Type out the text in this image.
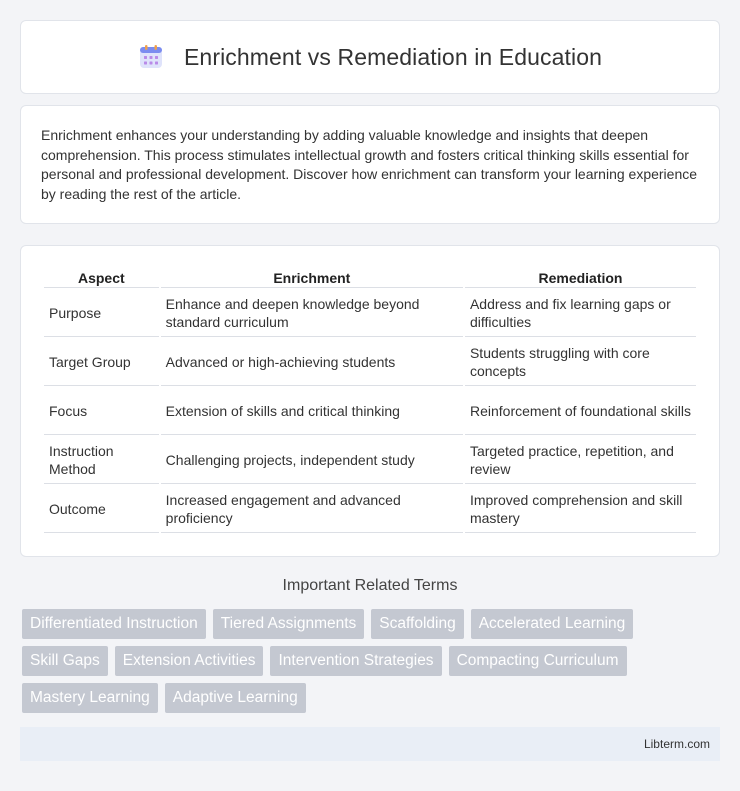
Enrichment vs Remediation in Education

Enrichment enhances your understanding by adding valuable knowledge and insights that deepen comprehension. This process stimulates intellectual growth and fosters critical thinking skills essential for personal and professional development. Discover how enrichment can transform your learning experience by reading the rest of the article.

Aspect	Enrichment	Remediation
Purpose	Enhance and deepen knowledge beyond standard curriculum	Address and fix learning gaps or difficulties
Target Group	Advanced or high-achieving students	Students struggling with core concepts
Focus	Extension of skills and critical thinking	Reinforcement of foundational skills
Instruction Method	Challenging projects, independent study	Targeted practice, repetition, and review
Outcome	Increased engagement and advanced proficiency	Improved comprehension and skill mastery
Important Related Terms
Differentiated Instruction	Tiered Assignments	Scaffolding	Accelerated Learning
Skill Gaps	Extension Activities	Intervention Strategies	Compacting Curriculum
Mastery Learning	Adaptive Learning
Libterm.com
